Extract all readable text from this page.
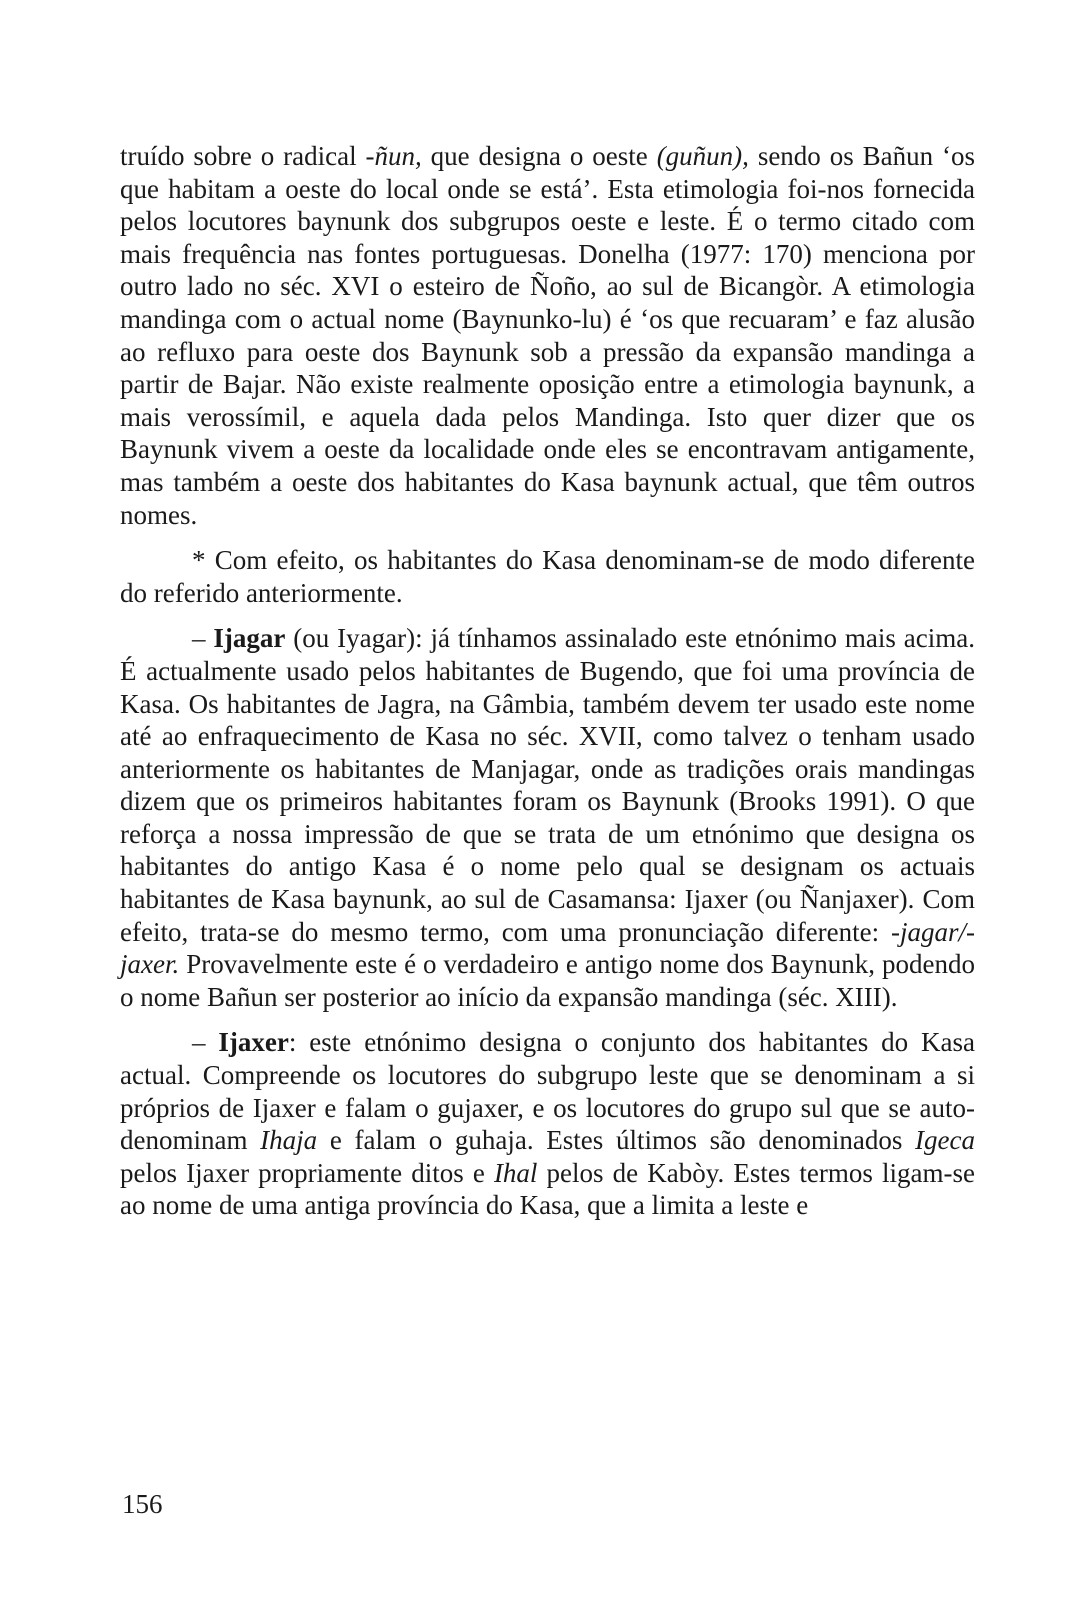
truído sobre o radical -ñun, que designa o oeste (guñun), sendo os Bañun ‘os que habitam a oeste do local onde se está’. Esta etimologia foi-nos fornecida pelos locutores baynunk dos subgrupos oeste e leste. É o termo citado com mais frequência nas fontes portuguesas. Donelha (1977: 170) menciona por outro lado no séc. XVI o esteiro de Ñoño, ao sul de Bicangòr. A etimologia mandinga com o actual nome (Baynunko-lu) é ‘os que recuaram’ e faz alusão ao refluxo para oeste dos Baynunk sob a pressão da expansão mandinga a partir de Bajar. Não existe realmente oposição entre a etimologia baynunk, a mais verossímil, e aquela dada pelos Mandinga. Isto quer dizer que os Baynunk vivem a oeste da localidade onde eles se encontravam antigamente, mas também a oeste dos habitantes do Kasa baynunk actual, que têm outros nomes.

* Com efeito, os habitantes do Kasa denominam-se de modo diferente do referido anteriormente.

– Ijagar (ou Iyagar): já tínhamos assinalado este etnónimo mais acima. É actualmente usado pelos habitantes de Bugendo, que foi uma província de Kasa. Os habitantes de Jagra, na Gâmbia, também devem ter usado este nome até ao enfraquecimento de Kasa no séc. XVII, como talvez o tenham usado anteriormente os habitantes de Manjagar, onde as tradições orais mandingas dizem que os primeiros habitantes foram os Baynunk (Brooks 1991). O que reforça a nossa impressão de que se trata de um etnónimo que designa os habitantes do antigo Kasa é o nome pelo qual se designam os actuais habitantes de Kasa baynunk, ao sul de Casamansa: Ijaxer (ou Ñanjaxer). Com efeito, trata-se do mesmo termo, com uma pronunciação diferente: -jagar/-jaxer. Provavelmente este é o verdadeiro e antigo nome dos Baynunk, podendo o nome Bañun ser posterior ao início da expansão mandinga (séc. XIII).

– Ijaxer: este etnónimo designa o conjunto dos habitantes do Kasa actual. Compreende os locutores do subgrupo leste que se denominam a si próprios de Ijaxer e falam o gujaxer, e os locutores do grupo sul que se auto-denominam Ihaja e falam o guhaja. Estes últimos são denominados Igeca pelos Ijaxer propriamente ditos e Ihal pelos de Kabòy. Estes termos ligam-se ao nome de uma antiga província do Kasa, que a limita a leste e

156
